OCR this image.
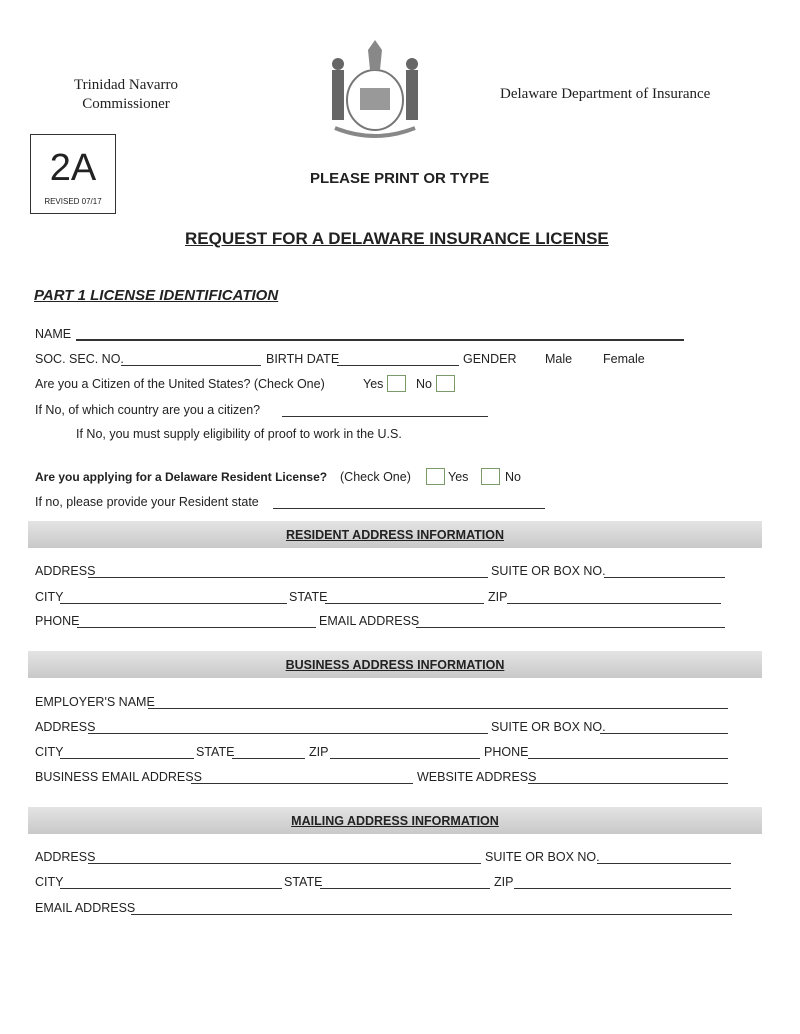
Trinidad Navarro
Commissioner
Delaware Department of Insurance
2A
REVISED 07/17
PLEASE PRINT OR TYPE
REQUEST FOR A DELAWARE INSURANCE LICENSE
PART 1 LICENSE IDENTIFICATION
NAME
SOC. SEC. NO.	BIRTH DATE	GENDER Male Female
Are you a Citizen of the United States? (Check One)	Yes	No
If No, of which country are you a citizen?
If No, you must supply eligibility of proof to work in the U.S.
Are you applying for a Delaware Resident License? (Check One)	Yes	No
If no, please provide your Resident state
RESIDENT ADDRESS INFORMATION
ADDRESS	SUITE OR BOX NO.
CITY	STATE	ZIP
PHONE	EMAIL ADDRESS
BUSINESS ADDRESS INFORMATION
EMPLOYER'S NAME
ADDRESS	SUITE OR BOX NO.
CITY	STATE	ZIP	PHONE
BUSINESS EMAIL ADDRESS	WEBSITE ADDRESS
MAILING ADDRESS INFORMATION
ADDRESS	SUITE OR BOX NO.
CITY	STATE	ZIP
EMAIL ADDRESS
